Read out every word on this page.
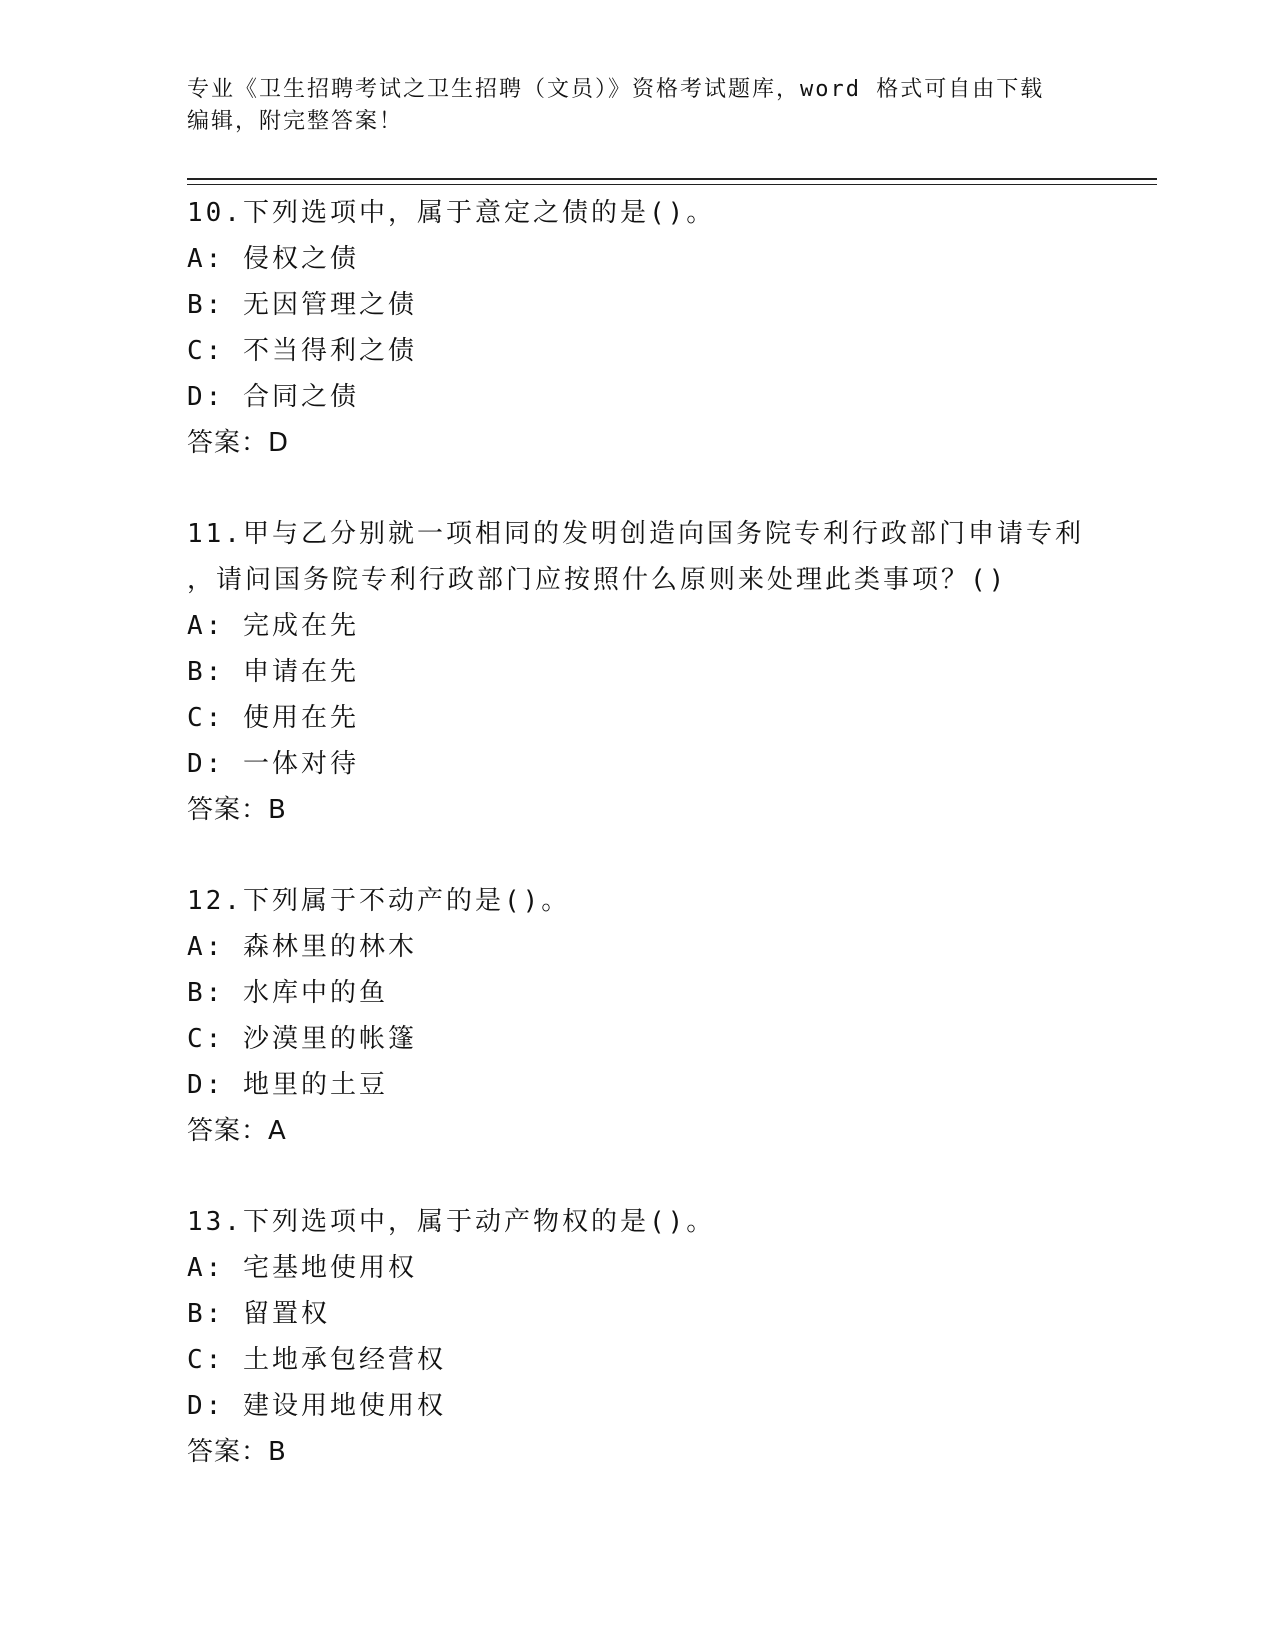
专业《卫生招聘考试之卫生招聘（文员）》资格考试题库，word 格式可自由下载
编辑，附完整答案！
10.下列选项中，属于意定之债的是()。
A: 侵权之债
B: 无因管理之债
C: 不当得利之债
D: 合同之债
答案：D
11.甲与乙分别就一项相同的发明创造向国务院专利行政部门申请专利
，请问国务院专利行政部门应按照什么原则来处理此类事项？()
A: 完成在先
B: 申请在先
C: 使用在先
D: 一体对待
答案：B
12.下列属于不动产的是()。
A: 森林里的林木
B: 水库中的鱼
C: 沙漠里的帐篷
D: 地里的土豆
答案：A
13.下列选项中，属于动产物权的是()。
A: 宅基地使用权
B: 留置权
C: 土地承包经营权
D: 建设用地使用权
答案：B
